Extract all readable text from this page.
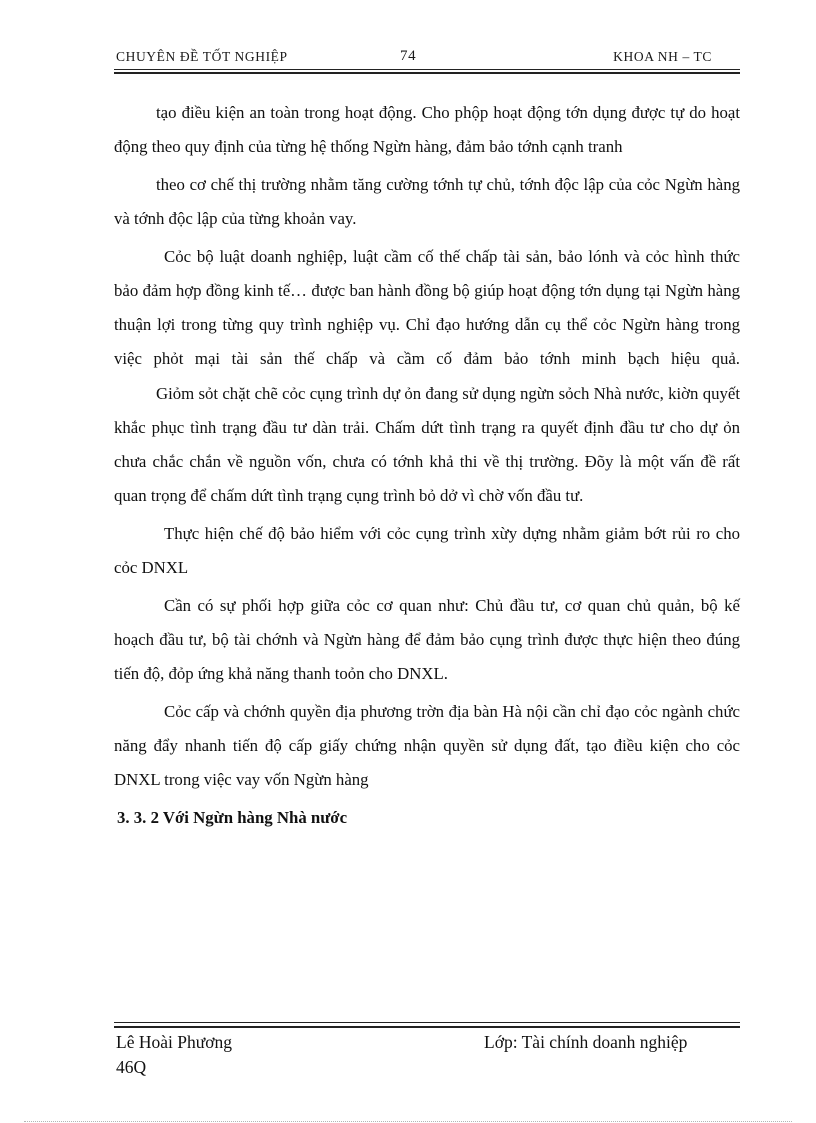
CHUYÊN ĐỀ TỐT NGHIỆP	74	KHOA NH – TC

tạo điều kiện an toàn trong hoạt động. Cho phộp hoạt động tớn dụng được tự do hoạt động theo quy định của từng hệ thống Ngừn hàng, đảm bảo tớnh cạnh tranh

theo cơ chế thị trường nhằm tăng cường tớnh tự chủ, tớnh độc lập của cỏc Ngừn hàng và tớnh độc lập của từng khoản vay.

Cỏc bộ luật doanh nghiệp, luật cầm cố thế chấp tài sản, bảo lónh và cỏc hình thức bảo đảm hợp đồng kinh tế… được ban hành đồng bộ giúp hoạt động tớn dụng tại Ngừn hàng thuận lợi trong từng quy trình nghiệp vụ. Chỉ đạo hướng dẫn cụ thể cỏc Ngừn hàng trong việc phỏt mại tài sản thế chấp và cầm cố đảm bảo tớnh minh bạch hiệu quả.

Giỏm sỏt chặt chẽ cỏc cụng trình dự ỏn đang sử dụng ngừn sỏch Nhà nước, kiờn quyết khắc phục tình trạng đầu tư dàn trải. Chấm dứt tình trạng ra quyết định đầu tư cho dự ỏn chưa chắc chắn về nguồn vốn, chưa có tớnh khả thi về thị trường. Đõy là một vấn đề rất quan trọng để chấm dứt tình trạng cụng trình bỏ dở vì chờ vốn đầu tư.

Thực hiện chế độ bảo hiểm với cỏc cụng trình xừy dựng nhằm giảm bớt rủi ro cho cỏc DNXL

Cần có sự phối hợp giữa cỏc cơ quan như: Chủ đầu tư, cơ quan chủ quản, bộ kế hoạch đầu tư, bộ tài chớnh và Ngừn hàng để đảm bảo cụng trình được thực hiện theo đúng tiến độ, đỏp ứng khả năng thanh toỏn cho DNXL.

Cỏc cấp và chớnh quyền địa phương trờn địa bàn Hà nội cần chỉ đạo cỏc ngành chức năng đẩy nhanh tiến độ cấp giấy chứng nhận quyền sử dụng đất, tạo điều kiện cho cỏc DNXL trong việc vay vốn Ngừn hàng

3. 3. 2 Với Ngừn hàng Nhà nước

Lê Hoài Phương
46Q
Lớp: Tài chính doanh nghiệp
